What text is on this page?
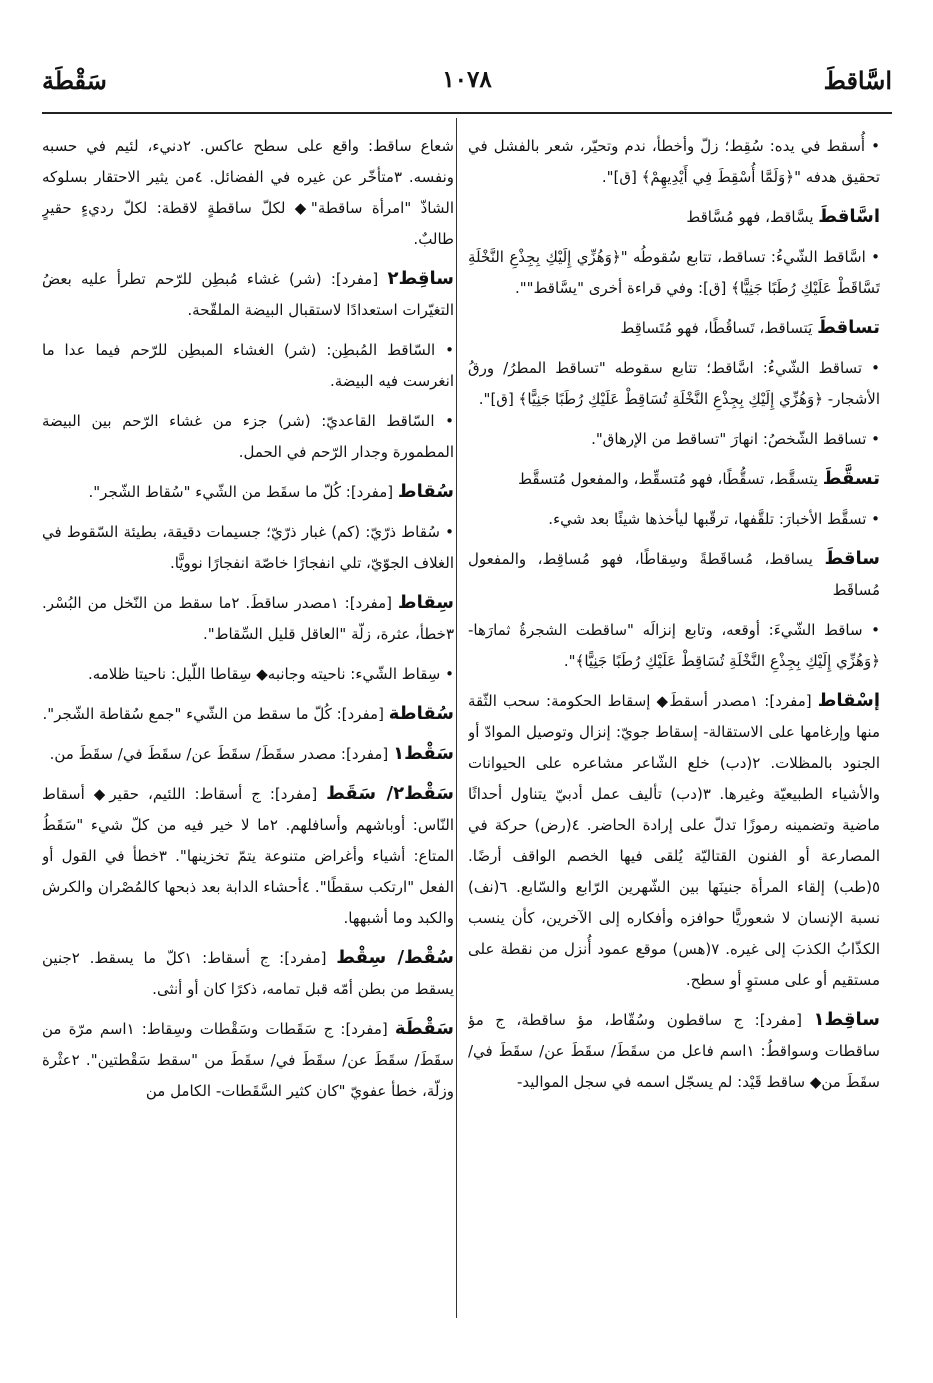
اسَّاقطَ
١٠٧٨
سَقْطَة

• أُسقط في يده: سُقِط؛ زلّ وأخطأ، ندم وتحيّر، شعر بالفشل في تحقيق هدفه "﴿وَلَمَّا أُسْقِطَ فِي أَيْدِيهِمْ﴾ [ق]".

اسَّاقطَ يسَّاقط، فهو مُسَّاقط

• اسَّاقط الشّيءُ: تساقط، تتابع سُقوطُه "﴿وَهُزِّي إِلَيْكِ بِجِذْعِ النَّخْلَةِ تَسَّاقَطْ عَلَيْكِ رُطَبًا جَنِيًّا﴾ [ق]: وفي قراءة أخرى "يسَّاقط"".

تساقطَ يَتساقط، تَساقُطًا، فهو مُتَساقِط

• تساقط الشّيءُ: اسَّاقط؛ تتابع سقوطه "تساقط المطرُ/ ورقُ الأشجار- ﴿وَهُزِّي إِلَيْكِ بِجِذْعِ النَّخْلَةِ تُسَاقِطْ عَلَيْكِ رُطَبًا جَنِيًّا﴾ [ق]".

• تساقط الشّخصُ: انهارَ "تساقط من الإرهاق".

تسقَّطَ يتسقَّط، تسقُّطًا، فهو مُتسقِّط، والمفعول مُتسقَّط

• تسقَّط الأخبارَ: تلقَّفها، ترقّبها ليأخذها شيئًا بعد شيء.

ساقطَ يساقط، مُساقَطةً وسِقاطًا، فهو مُساقِط، والمفعول مُساقَط

• ساقط الشّيءَ: أوقعه، وتابع إنزالَه "ساقطت الشجرةُ ثمارَها- ﴿وَهُزِّي إِلَيْكِ بِجِذْعِ النَّخْلَةِ تُسَاقِطْ عَلَيْكِ رُطَبًا جَنِيًّا﴾".

إسْقاط [مفرد]: ١مصدر أسقطَ◆ إسقاط الحكومة: سحب الثّقة منها وإرغامها على الاستقالة- إسقاط جويّ: إنزال وتوصيل الموادّ أو الجنود بالمظلات. ٢(دب) خلع الشّاعر مشاعره على الحيوانات والأشياء الطبيعيّة وغيرها. ٣(دب) تأليف عمل أدبيّ يتناول أحداثًا ماضية وتضمينه رموزًا تدلّ على إرادة الحاضر. ٤(رض) حركة في المصارعة أو الفنون القتاليّة يُلقى فيها الخصم الواقف أرضًا. ٥(طب) إلقاء المرأة جنينَها بين الشّهرين الرّابع والسّابع. ٦(نف) نسبة الإنسان لا شعوريًّا حوافزه وأفكاره إلى الآخرين، كأن ينسب الكذّابُ الكذبَ إلى غيره. ٧(هس) موقع عمود أُنزل من نقطة على مستقيم أو على مستوٍ أو سطح.

ساقِط١ [مفرد]: ج ساقطون وسُقّاط، مؤ ساقطة، ج مؤ ساقطات وسواقطُ: ١اسم فاعل من سقَطَ/ سقَطَ عن/ سقَطَ في/ سقَطَ من◆ ساقط قَيْد: لم يسجّل اسمه في سجل المواليد-

شعاع ساقط: واقع على سطح عاكس. ٢دنيء، لئيم في حسبه ونفسه. ٣متأخّر عن غيره في الفضائل. ٤من يثير الاحتقار بسلوكه الشاذّ "امرأة ساقطة"◆ لكلّ ساقطةٍ لاقطة: لكلّ رديءٍ حقيرٍ طالبٌ.

ساقِط٢ [مفرد]: (شر) غشاء مُبطِن للرّحم تطرأ عليه بعضُ التغيّرات استعدادًا لاستقبال البيضة الملقّحة.

• السّاقط المُبطِن: (شر) الغشاء المبطِن للرّحم فيما عدا ما انغرست فيه البيضة.

• السّاقط القاعديّ: (شر) جزء من غشاء الرّحم بين البيضة المطمورة وجدار الرّحم في الحمل.

سُقاط [مفرد]: كُلّ ما سقَط من الشّيء "سُقاط الشّجر".

• سُقاط ذرّيّ: (كم) غبار ذرّيّ؛ جسيمات دقيقة، بطيئة السّقوط في الغلاف الجوّيّ، تلي انفجارًا خاصّة انفجارًا نوويًّا.

سِقاط [مفرد]: ١مصدر ساقطَ. ٢ما سقط من النّخل من البُسْر. ٣خطأ، عثرة، زلّة "العاقل قليل السِّقاط".

• سِقاط الشّيء: ناحيته وجانبه◆ سِقاطا اللّيل: ناحيتا ظلامه.

سُقاطة [مفرد]: كُلّ ما سقط من الشّيء "جمع سُقاطة الشّجر".

سَقْط١ [مفرد]: مصدر سقَطَ/ سقَطَ عن/ سقَطَ في/ سقَطَ من.

سَقْط٢/ سَقَط [مفرد]: ج أسقاط: اللئيم، حقير◆ أسقاط النّاس: أوباشهم وأسافلهم. ٢ما لا خير فيه من كلّ شيء "سَقَطُ المتاع: أشياء وأغراض متنوعة يتمّ تخزينها". ٣خطأ في القول أو الفعل "ارتكب سقطًا". ٤أحشاء الدابة بعد ذبحها كالمُصْران والكرش والكبد وما أشبهها.

سُقْط/ سِقْط [مفرد]: ج أسقاط: ١كلّ ما يسقط. ٢جنين يسقط من بطن أمّه قبل تمامه، ذكرًا كان أو أنثى.

سَقْطَة [مفرد]: ج سَقَطات وسَقْطات وسِقاط: ١اسم مرّة من سقَطَ/ سقَطَ عن/ سقَطَ في/ سقَطَ من "سقط سَقْطتين". ٢عثْرة وزلّة، خطأ عفويّ "كان كثير السَّقَطات- الكامل من
